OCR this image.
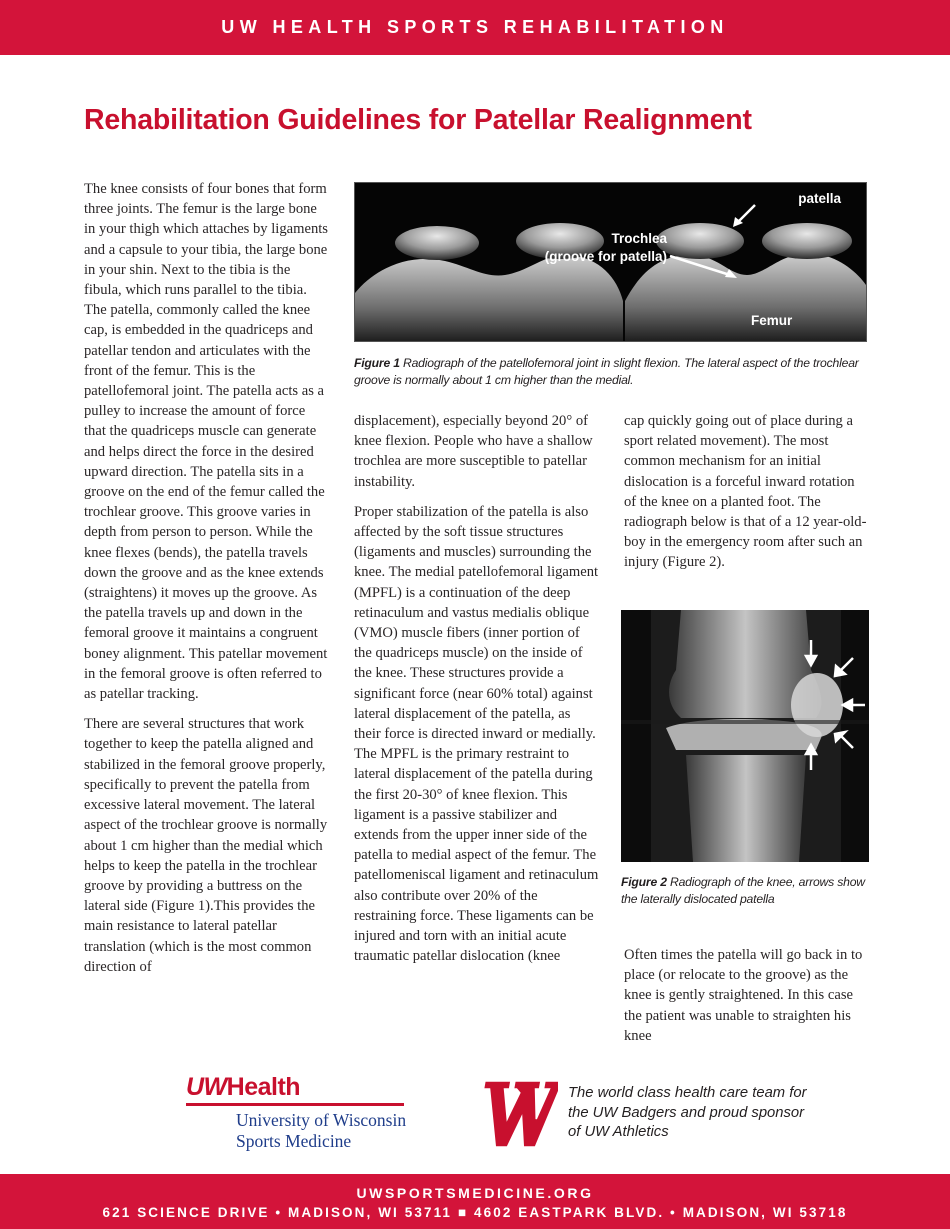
UW HEALTH SPORTS REHABILITATION
Rehabilitation Guidelines for Patellar Realignment

The knee consists of four bones that form three joints. The femur is the large bone in your thigh which attaches by ligaments and a capsule to your tibia, the large bone in your shin. Next to the tibia is the fibula, which runs parallel to the tibia. The patella, commonly called the knee cap, is embedded in the quadriceps and patellar tendon and articulates with the front of the femur. This is the patellofemoral joint. The patella acts as a pulley to increase the amount of force that the quadriceps muscle can generate and helps direct the force in the desired upward direction. The patella sits in a groove on the end of the femur called the trochlear groove. This groove varies in depth from person to person. While the knee flexes (bends), the patella travels down the groove and as the knee extends (straightens) it moves up the groove. As the patella travels up and down in the femoral groove it maintains a congruent boney alignment. This patellar movement in the femoral groove is often referred to as patellar tracking.

There are several structures that work together to keep the patella aligned and stabilized in the femoral groove properly, specifically to prevent the patella from excessive lateral movement. The lateral aspect of the trochlear groove is normally about 1 cm higher than the medial which helps to keep the patella in the trochlear groove by providing a buttress on the lateral side (Figure 1).This provides the main resistance to lateral patellar translation (which is the most common direction of

patella
Trochlea
(groove for patella)
Femur
Figure 1 Radiograph of the patellofemoral joint in slight flexion. The lateral aspect of the trochlear groove is normally about 1 cm higher than the medial.

displacement), especially beyond 20° of knee flexion. People who have a shallow trochlea are more susceptible to patellar instability.

Proper stabilization of the patella is also affected by the soft tissue structures (ligaments and muscles) surrounding the knee. The medial patellofemoral ligament (MPFL) is a continuation of the deep retinaculum and vastus medialis oblique (VMO) muscle fibers (inner portion of the quadriceps muscle) on the inside of the knee. These structures provide a significant force (near 60% total) against lateral displacement of the patella, as their force is directed inward or medially. The MPFL is the primary restraint to lateral displacement of the patella during the first 20-30° of knee flexion. This ligament is a passive stabilizer and extends from the upper inner side of the patella to medial aspect of the femur. The patellomeniscal ligament and retinaculum also contribute over 20% of the restraining force. These ligaments can be injured and torn with an initial acute traumatic patellar dislocation (knee

cap quickly going out of place during a sport related movement). The most common mechanism for an initial dislocation is a forceful inward rotation of the knee on a planted foot. The radiograph below is that of a 12 year-old-boy in the emergency room after such an injury (Figure 2).

Figure 2 Radiograph of the knee, arrows show the laterally dislocated patella

Often times the patella will go back in to place (or relocate to the groove) as the knee is gently straightened. In this case the patient was unable to straighten his knee

UWHealth
University of Wisconsin
Sports Medicine
The world class health care team for the UW Badgers and proud sponsor of UW Athletics
UWSPORTSMEDICINE.ORG
621 SCIENCE DRIVE • MADISON, WI 53711 ■ 4602 EASTPARK BLVD. • MADISON, WI 53718
